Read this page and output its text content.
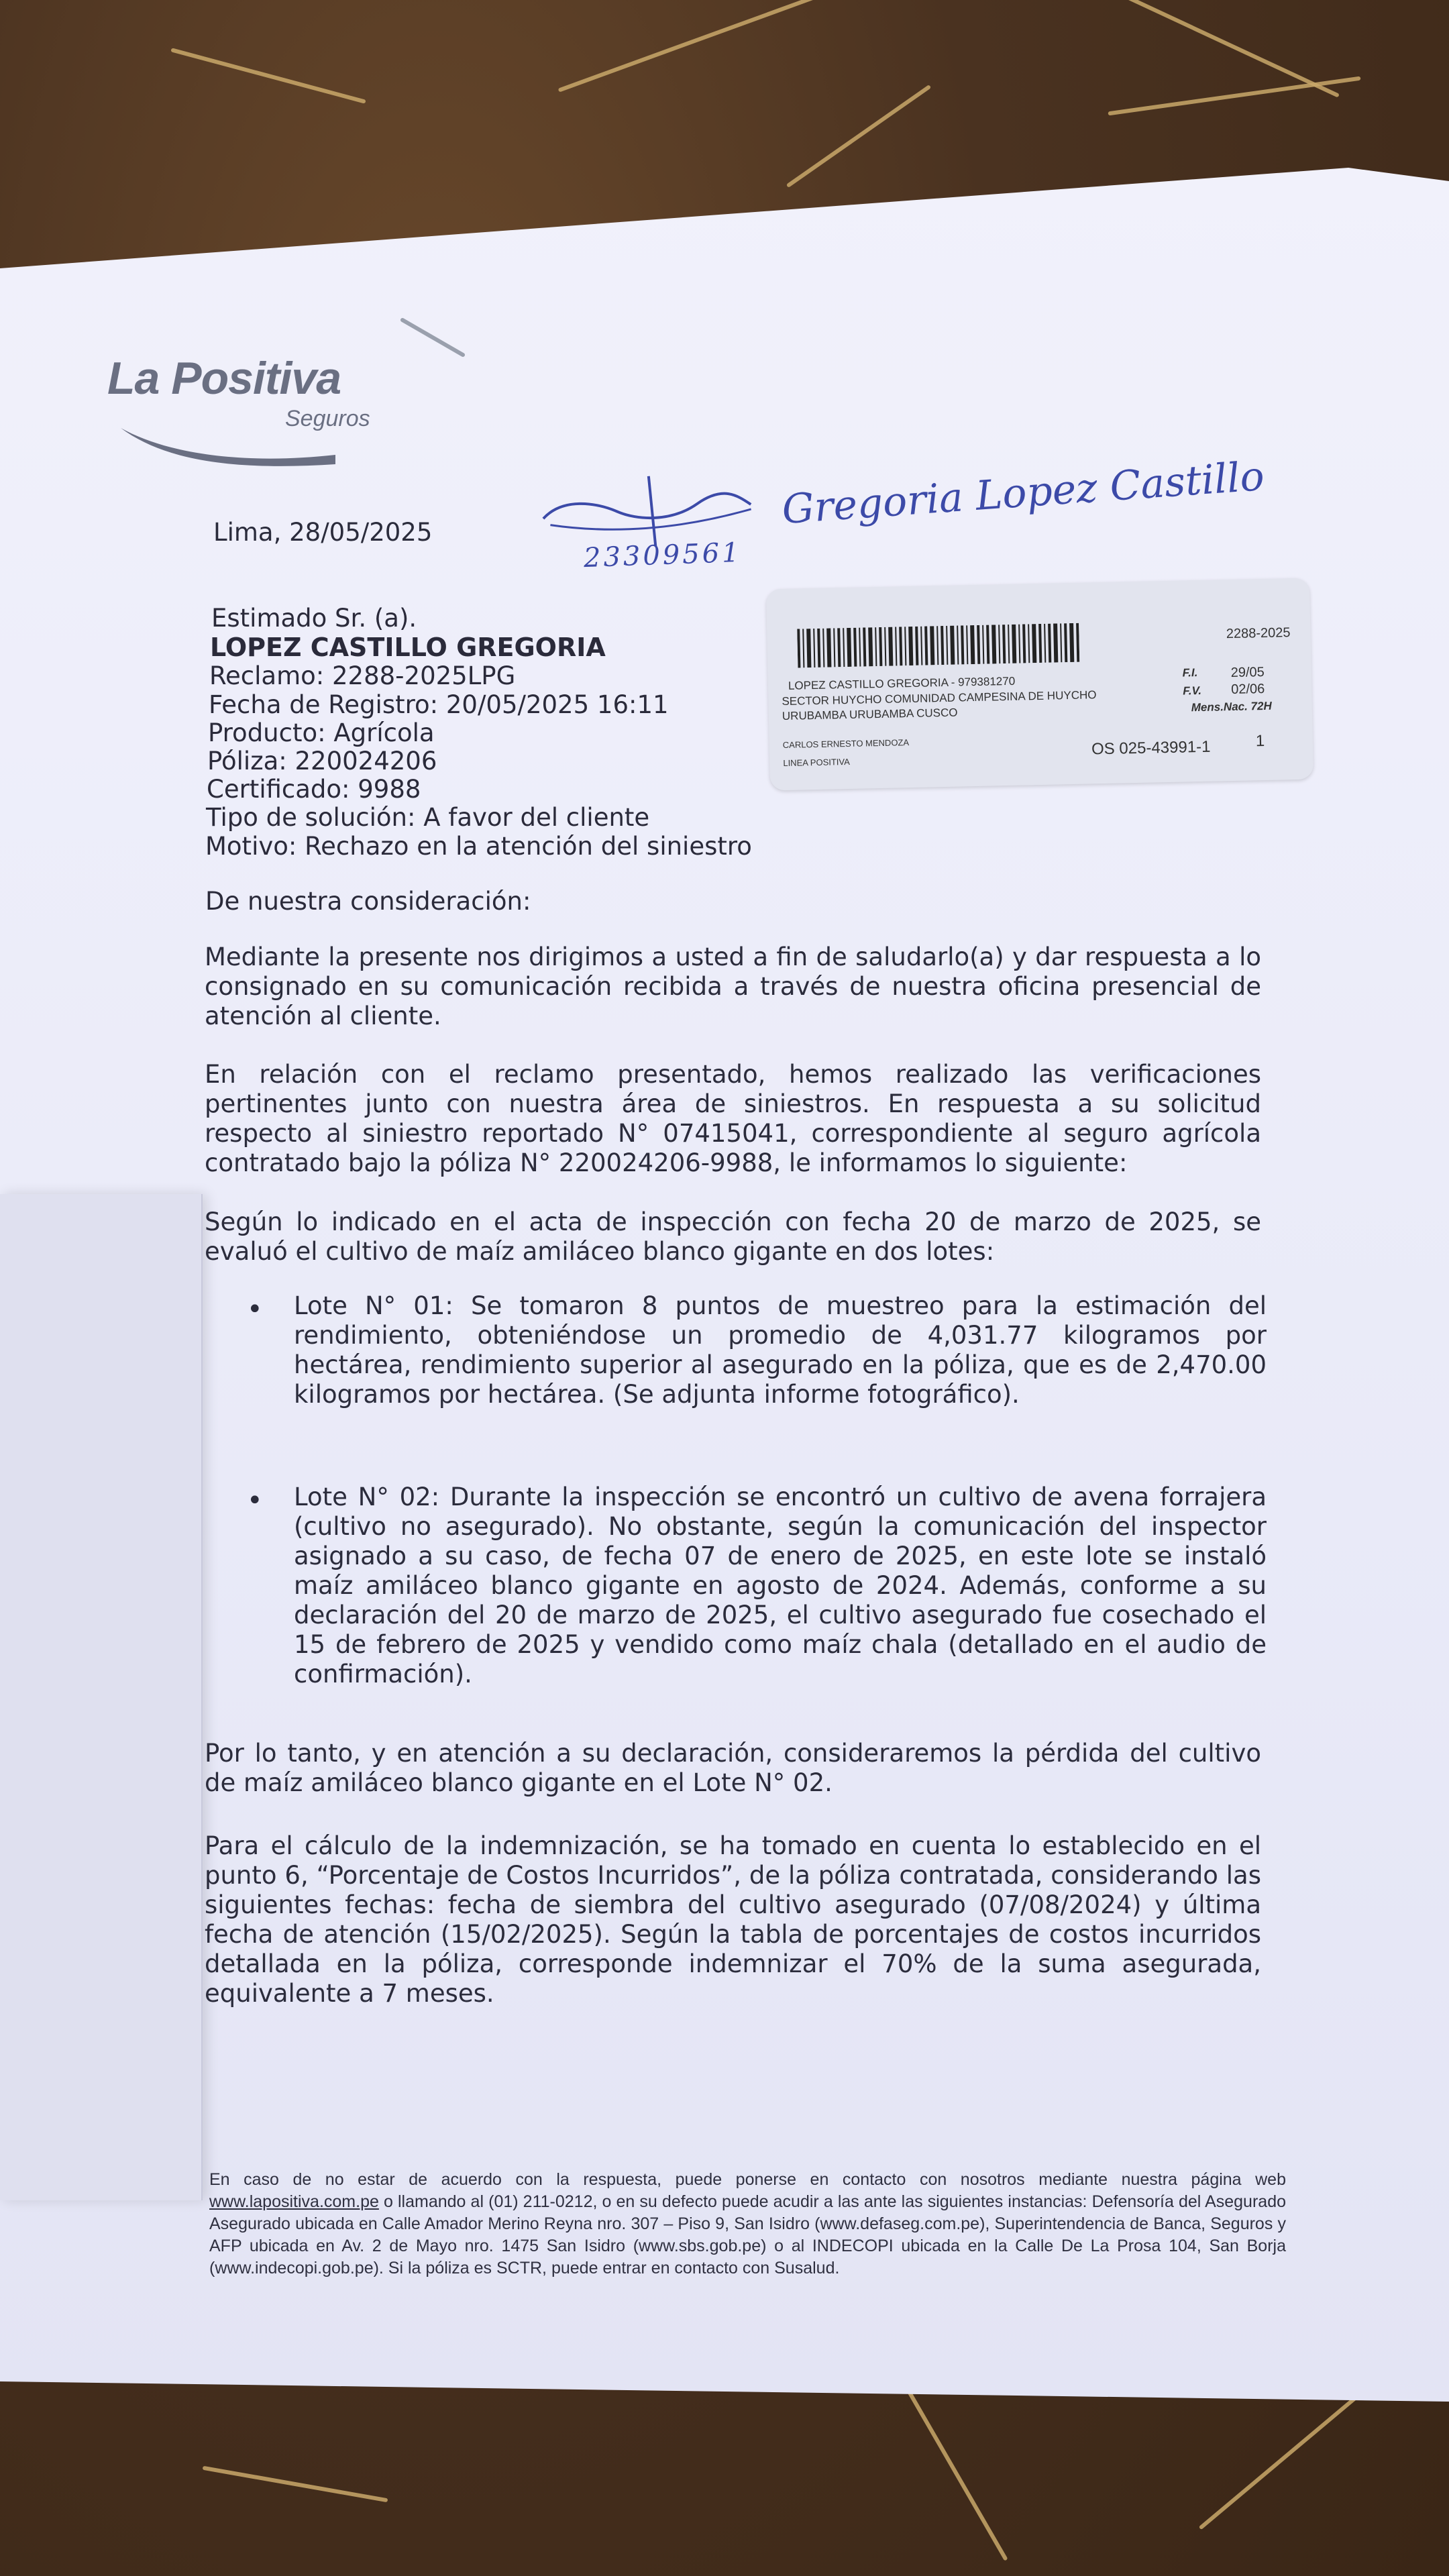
La Positiva
Seguros
Lima, 28/05/2025	Gregoria Lopez Castillo
23309561
2288-2025
LOPEZ CASTILLO GREGORIA - 979381270
SECTOR HUYCHO COMUNIDAD CAMPESINA DE HUYCHO
URUBAMBA URUBAMBA CUSCO
F.I. 29/05
F.V. 02/06
Mens.Nac. 72H
CARLOS ERNESTO MENDOZA
LINEA POSITIVA
OS 025-43991-1	1
Estimado Sr. (a).
LOPEZ CASTILLO GREGORIA
Reclamo: 2288-2025LPG
Fecha de Registro: 20/05/2025 16:11
Producto: Agrícola
Póliza: 220024206
Certificado: 9988
Tipo de solución: A favor del cliente
Motivo: Rechazo en la atención del siniestro
De nuestra consideración:
Mediante la presente nos dirigimos a usted a fin de saludarlo(a) y dar respuesta a lo consignado en su comunicación recibida a través de nuestra oficina presencial de atención al cliente.
En relación con el reclamo presentado, hemos realizado las verificaciones pertinentes junto con nuestra área de siniestros. En respuesta a su solicitud respecto al siniestro reportado N° 07415041, correspondiente al seguro agrícola contratado bajo la póliza N° 220024206-9988, le informamos lo siguiente:
Según lo indicado en el acta de inspección con fecha 20 de marzo de 2025, se evaluó el cultivo de maíz amiláceo blanco gigante en dos lotes:
• Lote N° 01: Se tomaron 8 puntos de muestreo para la estimación del rendimiento, obteniéndose un promedio de 4,031.77 kilogramos por hectárea, rendimiento superior al asegurado en la póliza, que es de 2,470.00 kilogramos por hectárea. (Se adjunta informe fotográfico).
• Lote N° 02: Durante la inspección se encontró un cultivo de avena forrajera (cultivo no asegurado). No obstante, según la comunicación del inspector asignado a su caso, de fecha 07 de enero de 2025, en este lote se instaló maíz amiláceo blanco gigante en agosto de 2024. Además, conforme a su declaración del 20 de marzo de 2025, el cultivo asegurado fue cosechado el 15 de febrero de 2025 y vendido como maíz chala (detallado en el audio de confirmación).
Por lo tanto, y en atención a su declaración, consideraremos la pérdida del cultivo de maíz amiláceo blanco gigante en el Lote N° 02.
Para el cálculo de la indemnización, se ha tomado en cuenta lo establecido en el punto 6, “Porcentaje de Costos Incurridos”, de la póliza contratada, considerando las siguientes fechas: fecha de siembra del cultivo asegurado (07/08/2024) y última fecha de atención (15/02/2025). Según la tabla de porcentajes de costos incurridos detallada en la póliza, corresponde indemnizar el 70% de la suma asegurada, equivalente a 7 meses.
En caso de no estar de acuerdo con la respuesta, puede ponerse en contacto con nosotros mediante nuestra página web www.lapositiva.com.pe o llamando al (01) 211-0212, o en su defecto puede acudir a las ante las siguientes instancias: Defensoría del Asegurado Asegurado ubicada en Calle Amador Merino Reyna nro. 307 – Piso 9, San Isidro (www.defaseg.com.pe), Superintendencia de Banca, Seguros y AFP ubicada en Av. 2 de Mayo nro. 1475 San Isidro (www.sbs.gob.pe) o al INDECOPI ubicada en la Calle De La Prosa 104, San Borja (www.indecopi.gob.pe). Si la póliza es SCTR, puede entrar en contacto con Susalud.
